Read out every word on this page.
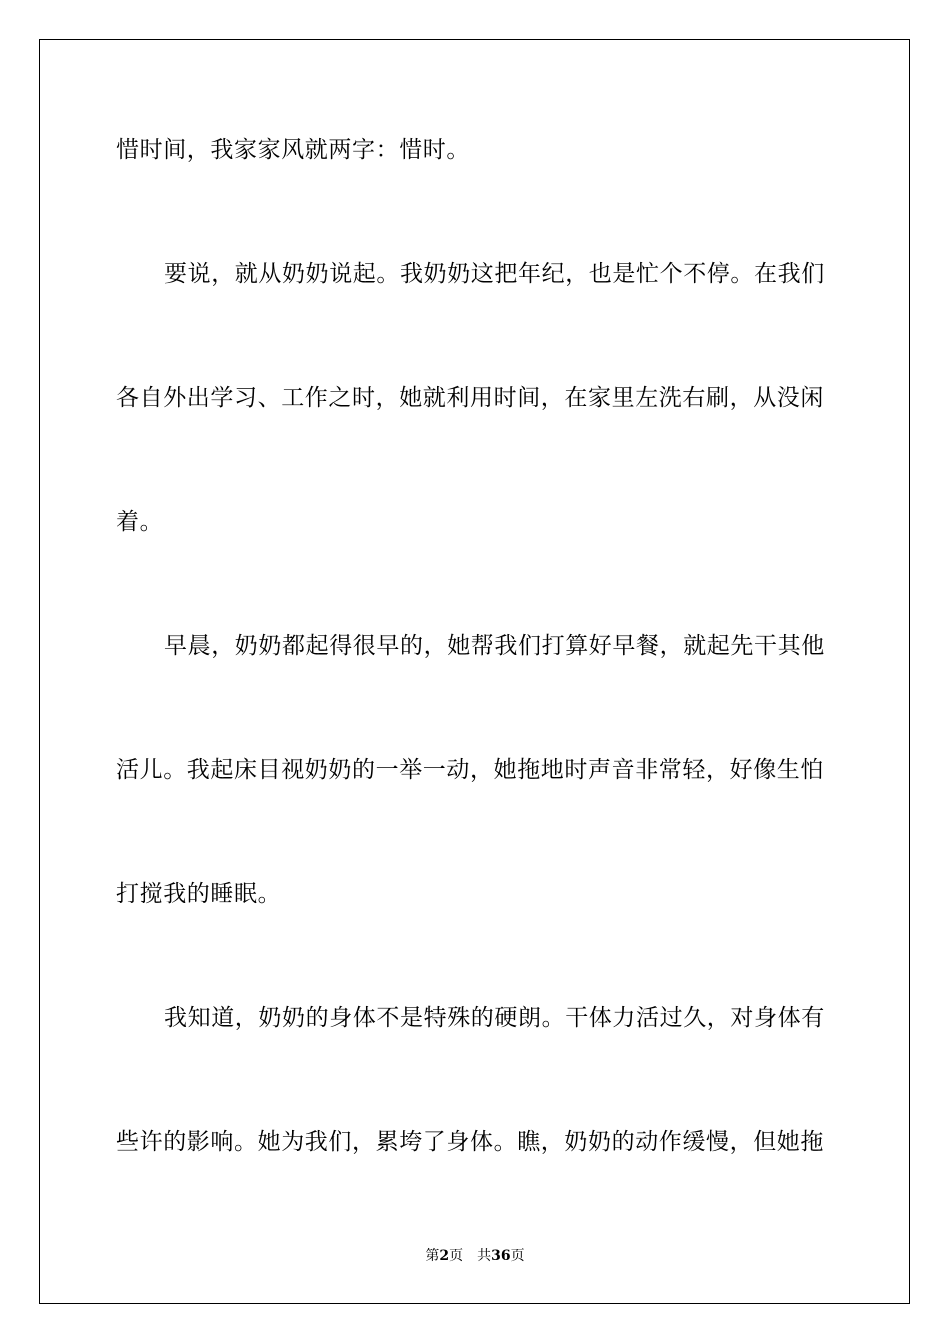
惜时间，我家家风就两字：惜时。
要说，就从奶奶说起。我奶奶这把年纪，也是忙个不停。在我们
各自外出学习、工作之时，她就利用时间，在家里左洗右刷，从没闲
着。
早晨，奶奶都起得很早的，她帮我们打算好早餐，就起先干其他
活儿。我起床目视奶奶的一举一动，她拖地时声音非常轻，好像生怕
打搅我的睡眠。
我知道，奶奶的身体不是特殊的硬朗。干体力活过久，对身体有
些许的影响。她为我们，累垮了身体。瞧，奶奶的动作缓慢，但她拖
第2页 共36页
